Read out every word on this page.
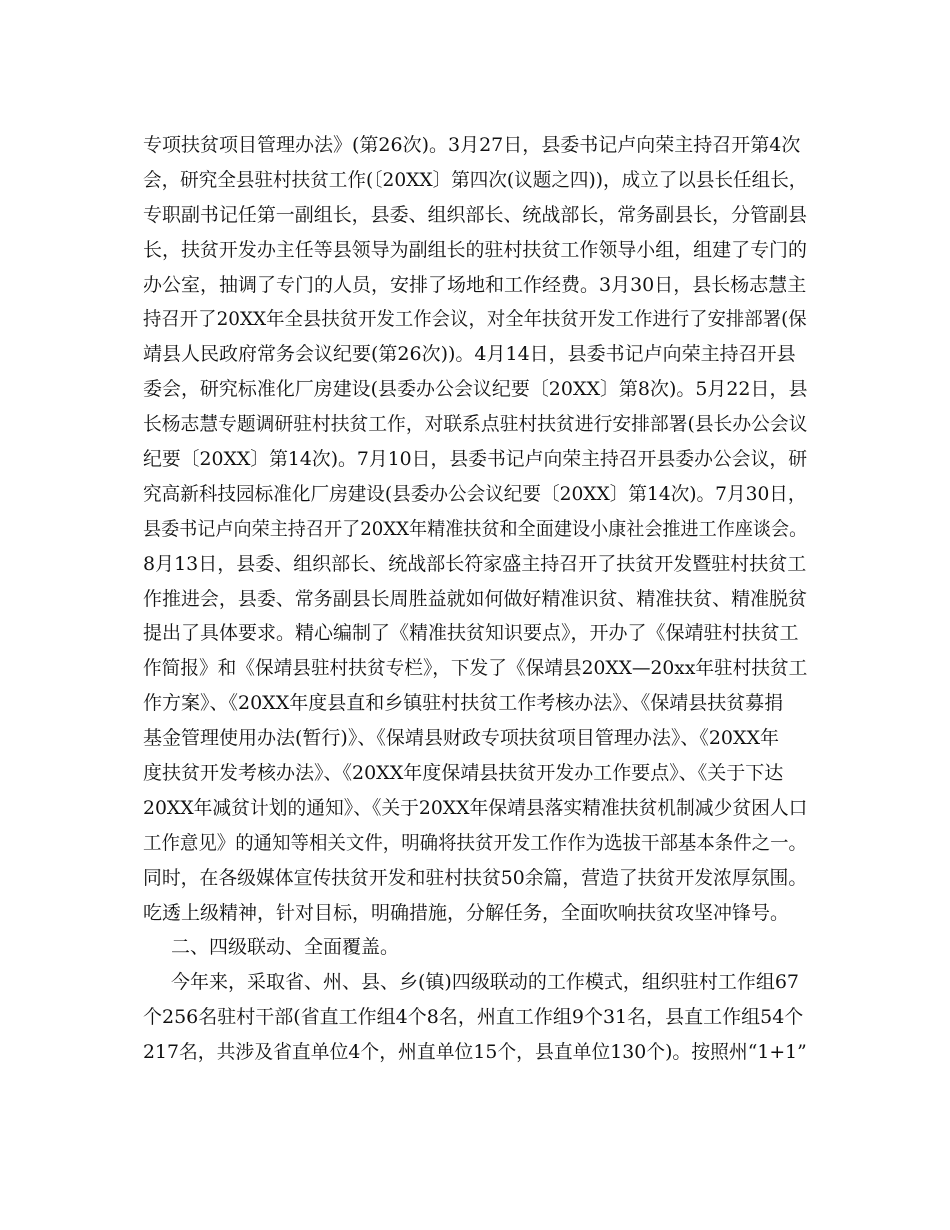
专项扶贫项目管理办法》(第26次)。3月27日，县委书记卢向荣主持召开第4次
会，研究全县驻村扶贫工作(〔20XX〕第四次(议题之四))，成立了以县长任组长，
专职副书记任第一副组长，县委、组织部长、统战部长，常务副县长，分管副县
长，扶贫开发办主任等县领导为副组长的驻村扶贫工作领导小组，组建了专门的
办公室，抽调了专门的人员，安排了场地和工作经费。3月30日，县长杨志慧主
持召开了20XX年全县扶贫开发工作会议，对全年扶贫开发工作进行了安排部署(保
靖县人民政府常务会议纪要(第26次))。4月14日，县委书记卢向荣主持召开县
委会，研究标准化厂房建设(县委办公会议纪要〔20XX〕第8次)。5月22日，县
长杨志慧专题调研驻村扶贫工作，对联系点驻村扶贫进行安排部署(县长办公会议
纪要〔20XX〕第14次)。7月10日，县委书记卢向荣主持召开县委办公会议，研
究高新科技园标准化厂房建设(县委办公会议纪要〔20XX〕第14次)。7月30日，
县委书记卢向荣主持召开了20XX年精准扶贫和全面建设小康社会推进工作座谈会。
8月13日，县委、组织部长、统战部长符家盛主持召开了扶贫开发暨驻村扶贫工
作推进会，县委、常务副县长周胜益就如何做好精准识贫、精准扶贫、精准脱贫
提出了具体要求。精心编制了《精准扶贫知识要点》，开办了《保靖驻村扶贫工
作简报》和《保靖县驻村扶贫专栏》，下发了《保靖县20XX—20xx年驻村扶贫工
作方案》、《20XX年度县直和乡镇驻村扶贫工作考核办法》、《保靖县扶贫募捐
基金管理使用办法(暂行)》、《保靖县财政专项扶贫项目管理办法》、《20XX年
度扶贫开发考核办法》、《20XX年度保靖县扶贫开发办工作要点》、《关于下达
20XX年减贫计划的通知》、《关于20XX年保靖县落实精准扶贫机制减少贫困人口
工作意见》的通知等相关文件，明确将扶贫开发工作作为选拔干部基本条件之一。
同时，在各级媒体宣传扶贫开发和驻村扶贫50余篇，营造了扶贫开发浓厚氛围。
吃透上级精神，针对目标，明确措施，分解任务，全面吹响扶贫攻坚冲锋号。
二、四级联动、全面覆盖。
今年来，采取省、州、县、乡(镇)四级联动的工作模式，组织驻村工作组67
个256名驻村干部(省直工作组4个8名，州直工作组9个31名，县直工作组54个
217名，共涉及省直单位4个，州直单位15个，县直单位130个)。按照州“1+1”
